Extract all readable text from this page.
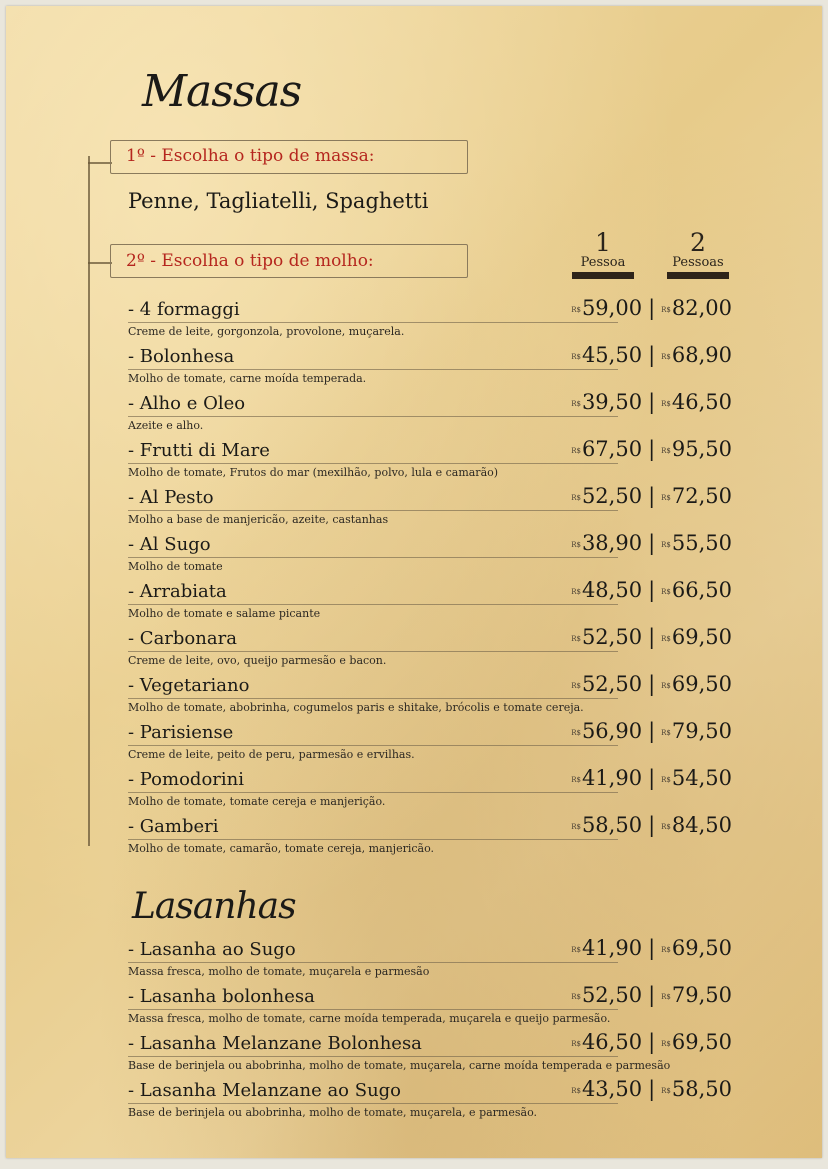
Massas
1º - Escolha o tipo de massa:
Penne, Tagliatelli, Spaghetti
2º - Escolha o tipo de molho:
1
Pessoa
2
Pessoas
- 4 formaggi	R$59,00 | R$82,00
Creme de leite, gorgonzola, provolone, muçarela.
- Bolonhesa	R$45,50 | R$68,90
Molho de tomate, carne moída temperada.
- Alho e Oleo	R$39,50 | R$46,50
Azeite e alho.
- Frutti di Mare	R$67,50 | R$95,50
Molho de tomate, Frutos do mar (mexilhão, polvo, lula e camarão)
- Al Pesto	R$52,50 | R$72,50
Molho a base de manjericão, azeite, castanhas
- Al Sugo	R$38,90 | R$55,50
Molho de tomate
- Arrabiata	R$48,50 | R$66,50
Molho de tomate e salame picante
- Carbonara	R$52,50 | R$69,50
Creme de leite, ovo, queijo parmesão e bacon.
- Vegetariano	R$52,50 | R$69,50
Molho de tomate, abobrinha, cogumelos paris e shitake, brócolis e tomate cereja.
- Parisiense	R$56,90 | R$79,50
Creme de leite, peito de peru, parmesão e ervilhas.
- Pomodorini	R$41,90 | R$54,50
Molho de tomate, tomate cereja e manjerição.
- Gamberi	R$58,50 | R$84,50
Molho de tomate, camarão, tomate cereja, manjericão.
Lasanhas
- Lasanha ao Sugo	R$41,90 | R$69,50
Massa fresca, molho de tomate, muçarela e parmesão
- Lasanha bolonhesa	R$52,50 | R$79,50
Massa fresca, molho de tomate, carne moída temperada, muçarela e queijo parmesão.
- Lasanha Melanzane Bolonhesa	R$46,50 | R$69,50
Base de berinjela ou abobrinha, molho de tomate, muçarela, carne moída temperada e parmesão
- Lasanha Melanzane ao Sugo	R$43,50 | R$58,50
Base de berinjela ou abobrinha, molho de tomate, muçarela, e parmesão.
